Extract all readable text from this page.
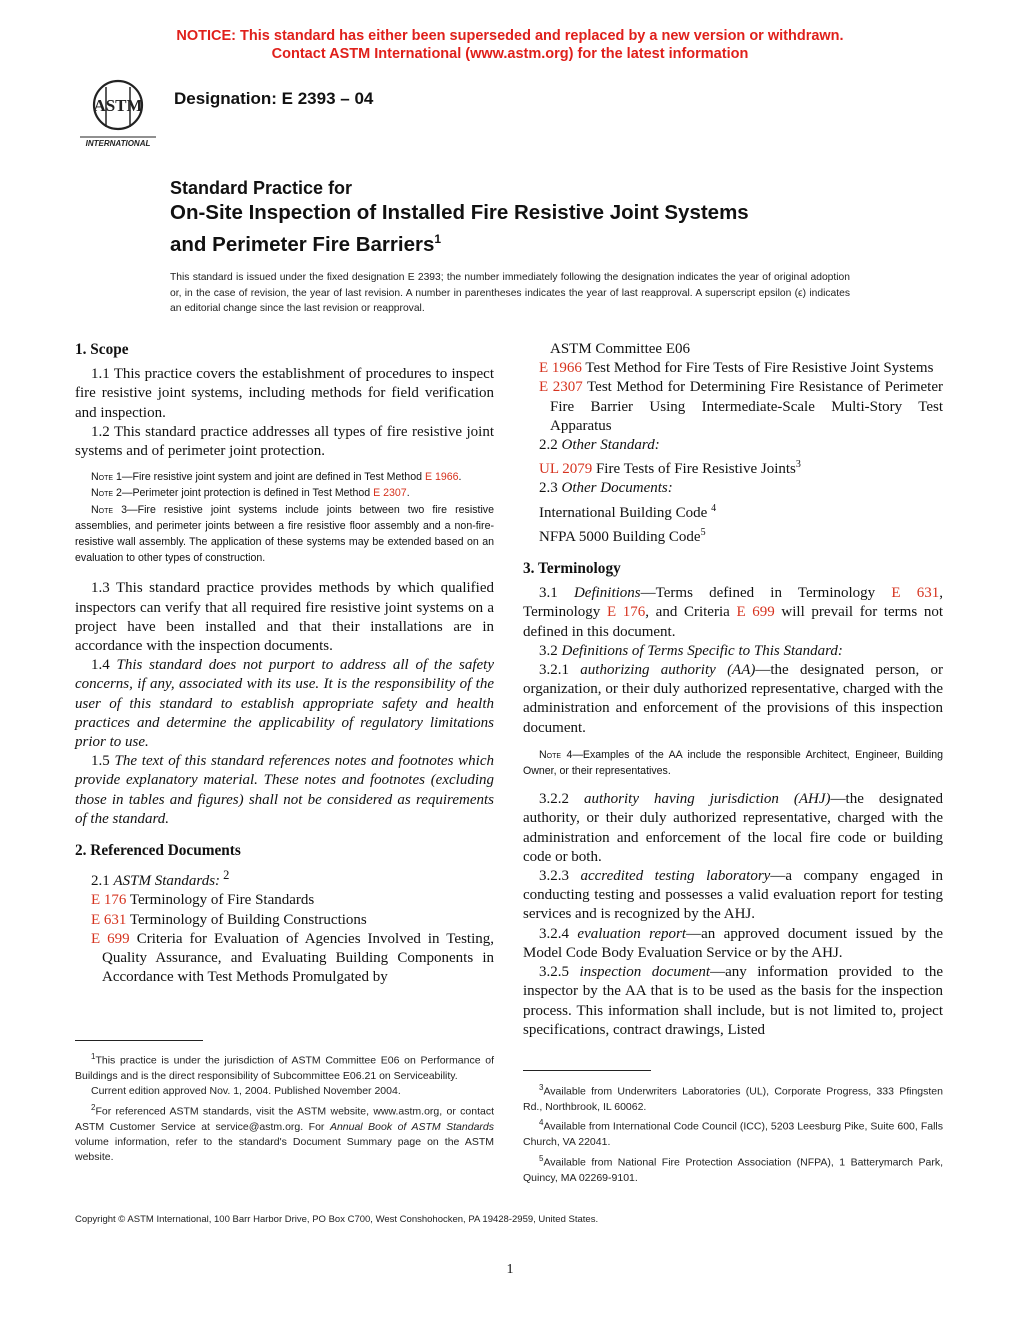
NOTICE: This standard has either been superseded and replaced by a new version or withdrawn.
Contact ASTM International (www.astm.org) for the latest information
ASTM
INTERNATIONAL
Designation: E 2393 – 04
Standard Practice for
On-Site Inspection of Installed Fire Resistive Joint Systems
and Perimeter Fire Barriers$^1$
This standard is issued under the fixed designation E 2393; the number immediately following the designation indicates the year of original adoption or, in the case of revision, the year of last revision. A number in parentheses indicates the year of last reapproval. A superscript epsilon (ϵ) indicates an editorial change since the last revision or reapproval.

1. Scope

1.1 This practice covers the establishment of procedures to inspect fire resistive joint systems, including methods for field verification and inspection.

1.2 This standard practice addresses all types of fire resistive joint systems and of perimeter joint protection.

Note 1—Fire resistive joint system and joint are defined in Test Method E 1966.

Note 2—Perimeter joint protection is defined in Test Method E 2307.

Note 3—Fire resistive joint systems include joints between two fire resistive assemblies, and perimeter joints between a fire resistive floor assembly and a non-fire-resistive wall assembly. The application of these systems may be extended based on an evaluation to other types of construction.

1.3 This standard practice provides methods by which qualified inspectors can verify that all required fire resistive joint systems on a project have been installed and that their installations are in accordance with the inspection documents.

1.4 This standard does not purport to address all of the safety concerns, if any, associated with its use. It is the responsibility of the user of this standard to establish appropriate safety and health practices and determine the applicability of regulatory limitations prior to use.

1.5 The text of this standard references notes and footnotes which provide explanatory material. These notes and footnotes (excluding those in tables and figures) shall not be considered as requirements of the standard.

2. Referenced Documents

2.1 ASTM Standards: $^2$

E 176 Terminology of Fire Standards

E 631 Terminology of Building Constructions

E 699 Criteria for Evaluation of Agencies Involved in Testing, Quality Assurance, and Evaluating Building Components in Accordance with Test Methods Promulgated by

ASTM Committee E06

E 1966 Test Method for Fire Tests of Fire Resistive Joint Systems

E 2307 Test Method for Determining Fire Resistance of Perimeter Fire Barrier Using Intermediate-Scale Multi-Story Test Apparatus

2.2 Other Standard:

UL 2079 Fire Tests of Fire Resistive Joints$^3$

2.3 Other Documents:

International Building Code $^4$

NFPA 5000 Building Code$^5$

3. Terminology

3.1 Definitions—Terms defined in Terminology E 631, Terminology E 176, and Criteria E 699 will prevail for terms not defined in this document.

3.2 Definitions of Terms Specific to This Standard:

3.2.1 authorizing authority (AA)—the designated person, or organization, or their duly authorized representative, charged with the administration and enforcement of the provisions of this inspection document.

Note 4—Examples of the AA include the responsible Architect, Engineer, Building Owner, or their representatives.

3.2.2 authority having jurisdiction (AHJ)—the designated authority, or their duly authorized representative, charged with the administration and enforcement of the local fire code or building code or both.

3.2.3 accredited testing laboratory—a company engaged in conducting testing and possesses a valid evaluation report for testing services and is recognized by the AHJ.

3.2.4 evaluation report—an approved document issued by the Model Code Body Evaluation Service or by the AHJ.

3.2.5 inspection document—any information provided to the inspector by the AA that is to be used as the basis for the inspection process. This information shall include, but is not limited to, project specifications, contract drawings, Listed

$^1$This practice is under the jurisdiction of ASTM Committee E06 on Performance of Buildings and is the direct responsibility of Subcommittee E06.21 on Serviceability.

Current edition approved Nov. 1, 2004. Published November 2004.

$^2$For referenced ASTM standards, visit the ASTM website, www.astm.org, or contact ASTM Customer Service at service@astm.org. For Annual Book of ASTM Standards volume information, refer to the standard's Document Summary page on the ASTM website.

$^3$Available from Underwriters Laboratories (UL), Corporate Progress, 333 Pfingsten Rd., Northbrook, IL 60062.

$^4$Available from International Code Council (ICC), 5203 Leesburg Pike, Suite 600, Falls Church, VA 22041.

$^5$Available from National Fire Protection Association (NFPA), 1 Batterymarch Park, Quincy, MA 02269-9101.

Copyright © ASTM International, 100 Barr Harbor Drive, PO Box C700, West Conshohocken, PA 19428-2959, United States.
1
